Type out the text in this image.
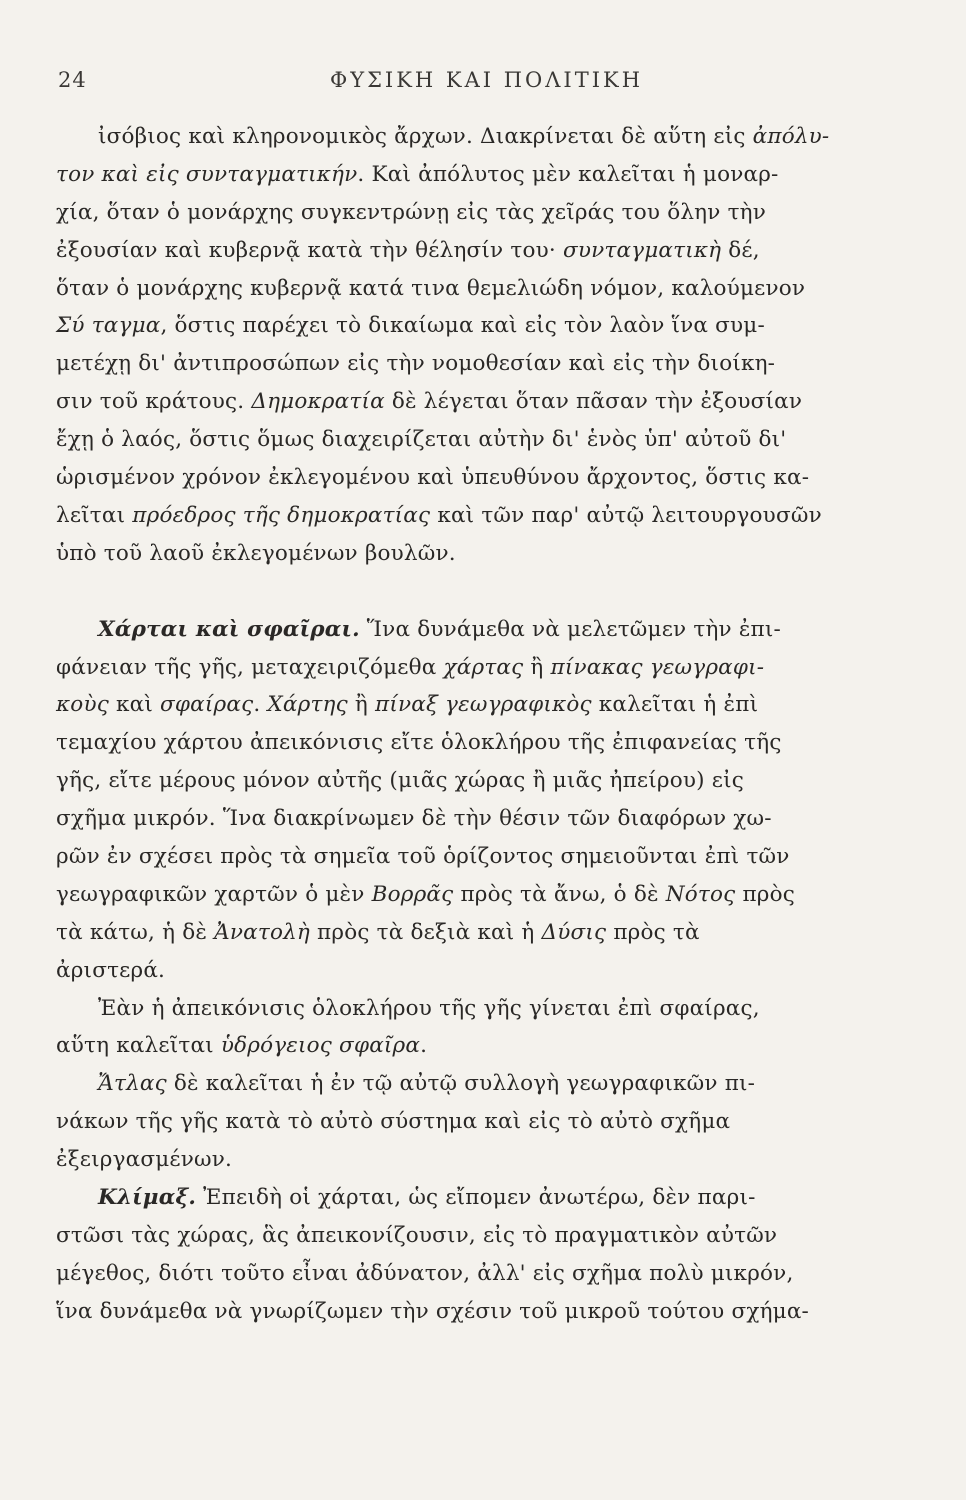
24	ΦΥΣΙΚΗ ΚΑΙ ΠΟΛΙΤΙΚΗ
ἰσόβιος καὶ κληρονομικὸς ἄρχων. Διακρίνεται δὲ αὕτη εἰς ἀπόλυ-
τον καὶ εἰς συνταγματικήν. Καὶ ἀπόλυτος μὲν καλεῖται ἡ μοναρ-
χία, ὅταν ὁ μονάρχης συγκεντρώνῃ εἰς τὰς χεῖράς του ὅλην τὴν
ἐξουσίαν καὶ κυβερνᾷ κατὰ τὴν θέλησίν του· συνταγματικὴ δέ,
ὅταν ὁ μονάρχης κυβερνᾷ κατά τινα θεμελιώδη νόμον, καλούμενον
Σύ ταγμα, ὅστις παρέχει τὸ δικαίωμα καὶ εἰς τὸν λαὸν ἵνα συμ-
μετέχῃ δι' ἀντιπροσώπων εἰς τὴν νομοθεσίαν καὶ εἰς τὴν διοίκη-
σιν τοῦ κράτους. Δημοκρατία δὲ λέγεται ὅταν πᾶσαν τὴν ἐξουσίαν
ἔχῃ ὁ λαός, ὅστις ὅμως διαχειρίζεται αὐτὴν δι' ἑνὸς ὑπ' αὐτοῦ δι'
ὡρισμένον χρόνον ἐκλεγομένου καὶ ὑπευθύνου ἄρχοντος, ὅστις κα-
λεῖται πρόεδρος τῆς δημοκρατίας καὶ τῶν παρ' αὐτῷ λειτουργουσῶν
ὑπὸ τοῦ λαοῦ ἐκλεγομένων βουλῶν.
Χάρται καὶ σφαῖραι. Ἵνα δυνάμεθα νὰ μελετῶμεν τὴν ἐπι-
φάνειαν τῆς γῆς, μεταχειριζόμεθα χάρτας ἢ πίνακας γεωγραφι-
κοὺς καὶ σφαίρας. Χάρτης ἢ πίναξ γεωγραφικὸς καλεῖται ἡ ἐπὶ
τεμαχίου χάρτου ἀπεικόνισις εἴτε ὁλοκλήρου τῆς ἐπιφανείας τῆς
γῆς, εἴτε μέρους μόνον αὐτῆς (μιᾶς χώρας ἢ μιᾶς ἠπείρου) εἰς
σχῆμα μικρόν. Ἵνα διακρίνωμεν δὲ τὴν θέσιν τῶν διαφόρων χω-
ρῶν ἐν σχέσει πρὸς τὰ σημεῖα τοῦ ὁρίζοντος σημειοῦνται ἐπὶ τῶν
γεωγραφικῶν χαρτῶν ὁ μὲν Βορρᾶς πρὸς τὰ ἄνω, ὁ δὲ Νότος πρὸς
τὰ κάτω, ἡ δὲ Ἀνατολὴ πρὸς τὰ δεξιὰ καὶ ἡ Δύσις πρὸς τὰ
ἀριστερά.
Ἐὰν ἡ ἀπεικόνισις ὁλοκλήρου τῆς γῆς γίνεται ἐπὶ σφαίρας,
αὕτη καλεῖται ὑδρόγειος σφαῖρα.
Ἄτλας δὲ καλεῖται ἡ ἐν τῷ αὐτῷ συλλογὴ γεωγραφικῶν πι-
νάκων τῆς γῆς κατὰ τὸ αὐτὸ σύστημα καὶ εἰς τὸ αὐτὸ σχῆμα
ἐξειργασμένων.
Κλίμαξ. Ἐπειδὴ οἱ χάρται, ὡς εἴπομεν ἀνωτέρω, δὲν παρι-
στῶσι τὰς χώρας, ἃς ἀπεικονίζουσιν, εἰς τὸ πραγματικὸν αὐτῶν
μέγεθος, διότι τοῦτο εἶναι ἀδύνατον, ἀλλ' εἰς σχῆμα πολὺ μικρόν,
ἵνα δυνάμεθα νὰ γνωρίζωμεν τὴν σχέσιν τοῦ μικροῦ τούτου σχήμα-
